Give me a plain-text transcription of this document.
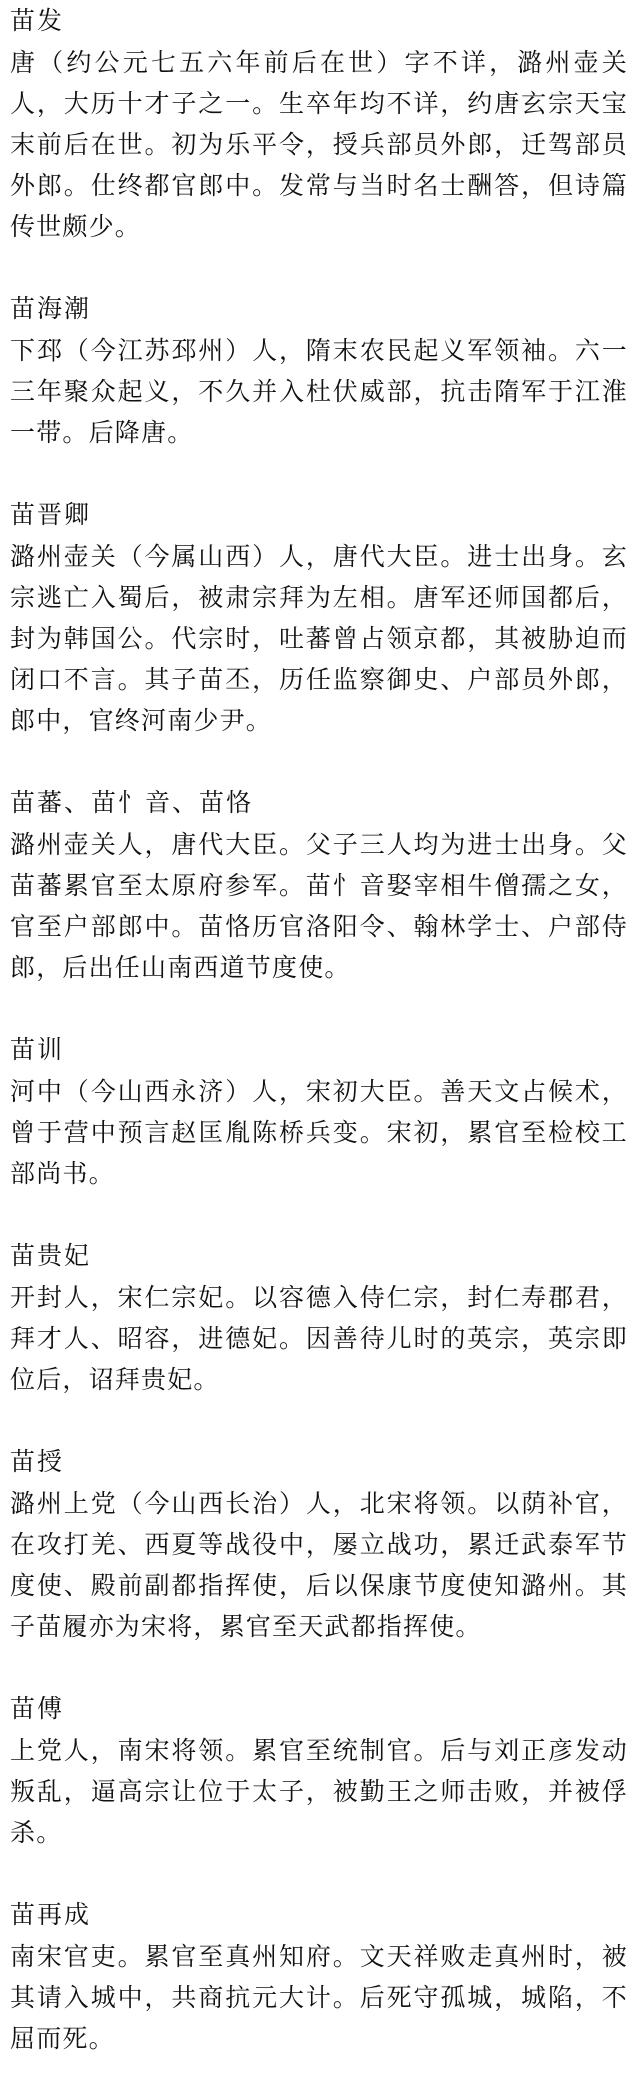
苗发

唐（约公元七五六年前后在世）字不详，潞州壶关人，大历十才子之一。生卒年均不详，约唐玄宗天宝末前后在世。初为乐平令，授兵部员外郎，迁驾部员外郎。仕终都官郎中。发常与当时名士酬答，但诗篇传世颇少。

苗海潮

下邳（今江苏邳州）人，隋末农民起义军领袖。六一三年聚众起义，不久并入杜伏威部，抗击隋军于江淮一带。后降唐。

苗晋卿

潞州壶关（今属山西）人，唐代大臣。进士出身。玄宗逃亡入蜀后，被肃宗拜为左相。唐军还师国都后，封为韩国公。代宗时，吐蕃曾占领京都，其被胁迫而闭口不言。其子苗丕，历任监察御史、户部员外郎，郎中，官终河南少尹。

苗蕃、苗忄音、苗恪

潞州壶关人，唐代大臣。父子三人均为进士出身。父苗蕃累官至太原府参军。苗忄音娶宰相牛僧孺之女，官至户部郎中。苗恪历官洛阳令、翰林学士、户部侍郎，后出任山南西道节度使。

苗训

河中（今山西永济）人，宋初大臣。善天文占候术，曾于营中预言赵匡胤陈桥兵变。宋初，累官至检校工部尚书。

苗贵妃

开封人，宋仁宗妃。以容德入侍仁宗，封仁寿郡君，拜才人、昭容，进德妃。因善待儿时的英宗，英宗即位后，诏拜贵妃。

苗授

潞州上党（今山西长治）人，北宋将领。以荫补官，在攻打羌、西夏等战役中，屡立战功，累迁武泰军节度使、殿前副都指挥使，后以保康节度使知潞州。其子苗履亦为宋将，累官至天武都指挥使。

苗傅

上党人，南宋将领。累官至统制官。后与刘正彦发动叛乱，逼高宗让位于太子，被勤王之师击败，并被俘杀。

苗再成

南宋官吏。累官至真州知府。文天祥败走真州时，被其请入城中，共商抗元大计。后死守孤城，城陷，不屈而死。
